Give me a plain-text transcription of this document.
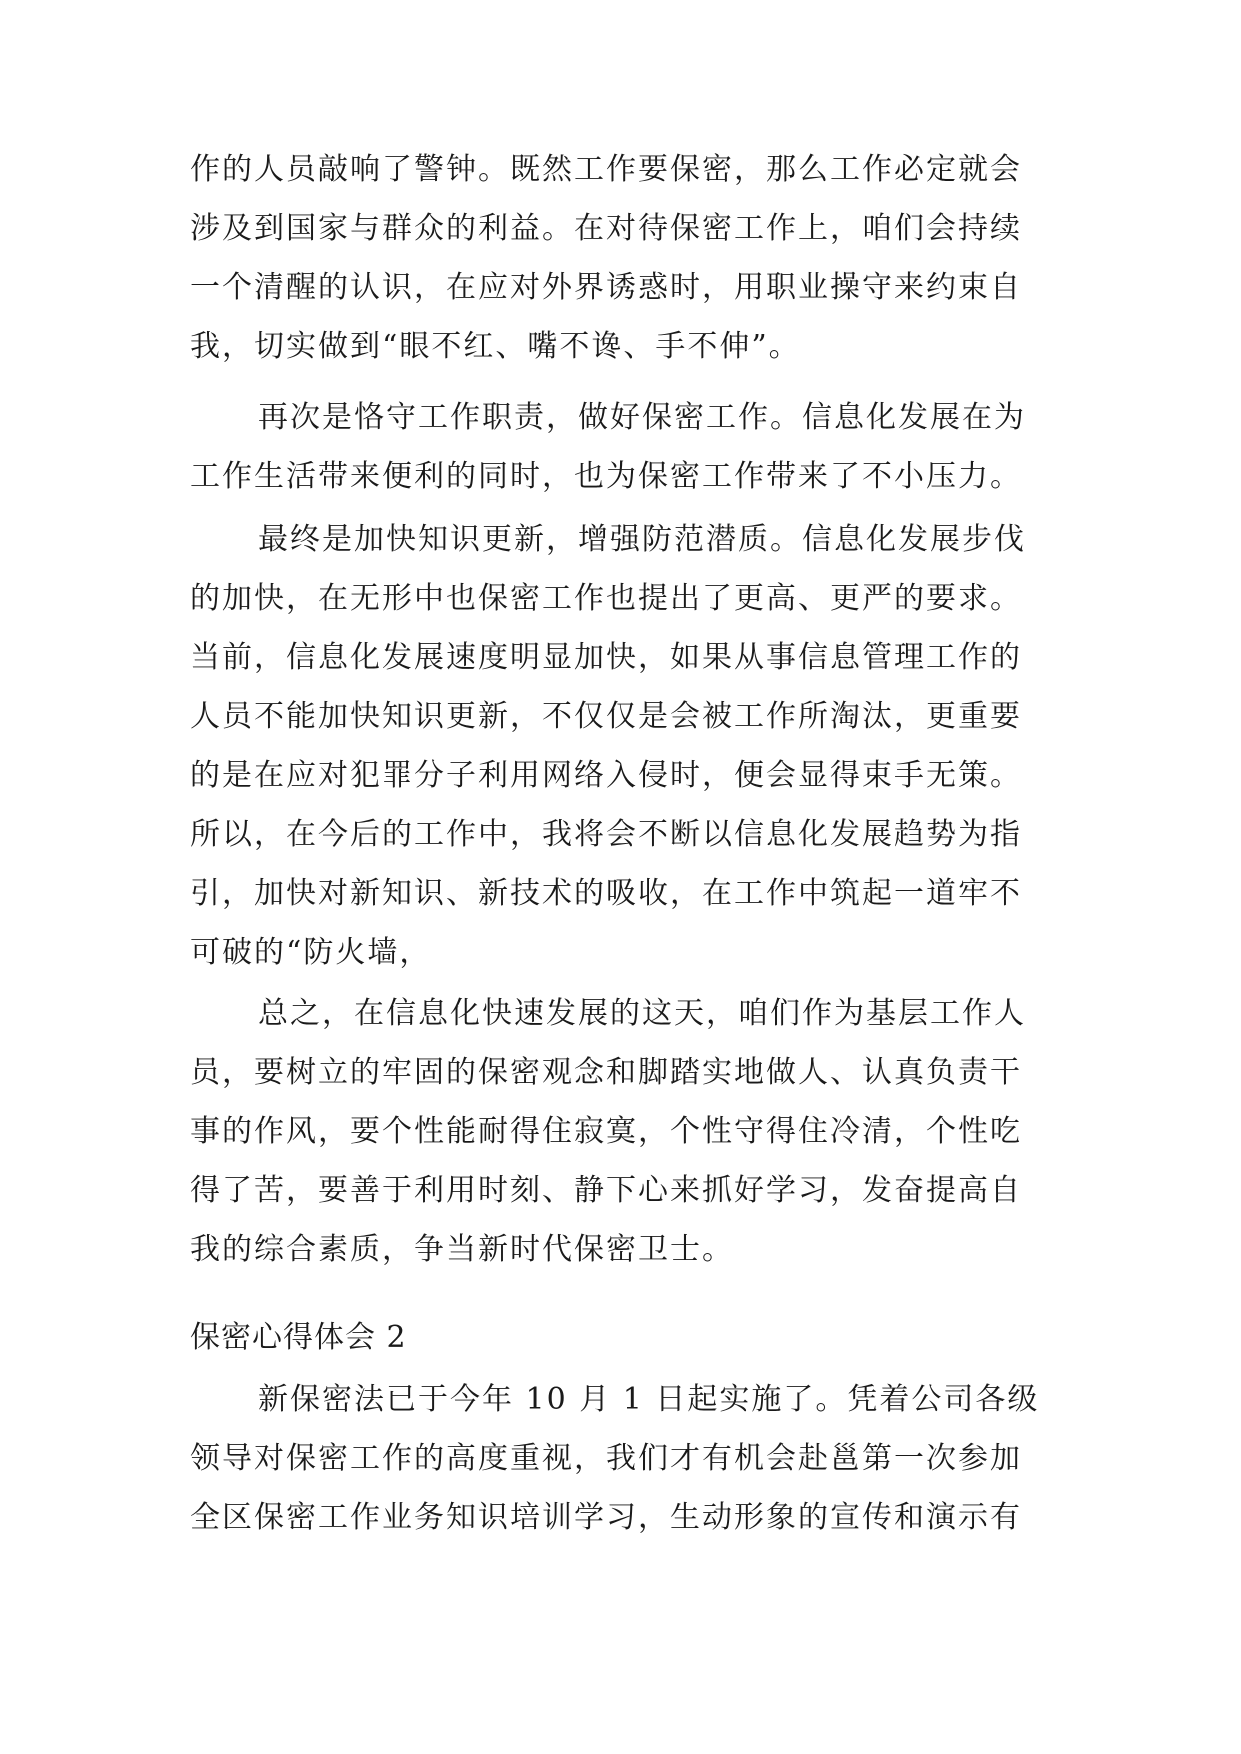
作的人员敲响了警钟。既然工作要保密，那么工作必定就会
涉及到国家与群众的利益。在对待保密工作上，咱们会持续
一个清醒的认识，在应对外界诱惑时，用职业操守来约束自
我，切实做到“眼不红、嘴不谗、手不伸”。
再次是恪守工作职责，做好保密工作。信息化发展在为
工作生活带来便利的同时，也为保密工作带来了不小压力。
最终是加快知识更新，增强防范潜质。信息化发展步伐
的加快，在无形中也保密工作也提出了更高、更严的要求。
当前，信息化发展速度明显加快，如果从事信息管理工作的
人员不能加快知识更新，不仅仅是会被工作所淘汰，更重要
的是在应对犯罪分子利用网络入侵时，便会显得束手无策。
所以，在今后的工作中，我将会不断以信息化发展趋势为指
引，加快对新知识、新技术的吸收，在工作中筑起一道牢不
可破的“防火墙，
总之，在信息化快速发展的这天，咱们作为基层工作人
员，要树立的牢固的保密观念和脚踏实地做人、认真负责干
事的作风，要个性能耐得住寂寞，个性守得住冷清，个性吃
得了苦，要善于利用时刻、静下心来抓好学习，发奋提高自
我的综合素质，争当新时代保密卫士。
保密心得体会 2
新保密法已于今年 10 月 1 日起实施了。凭着公司各级
领导对保密工作的高度重视，我们才有机会赴邕第一次参加
全区保密工作业务知识培训学习，生动形象的宣传和演示有
